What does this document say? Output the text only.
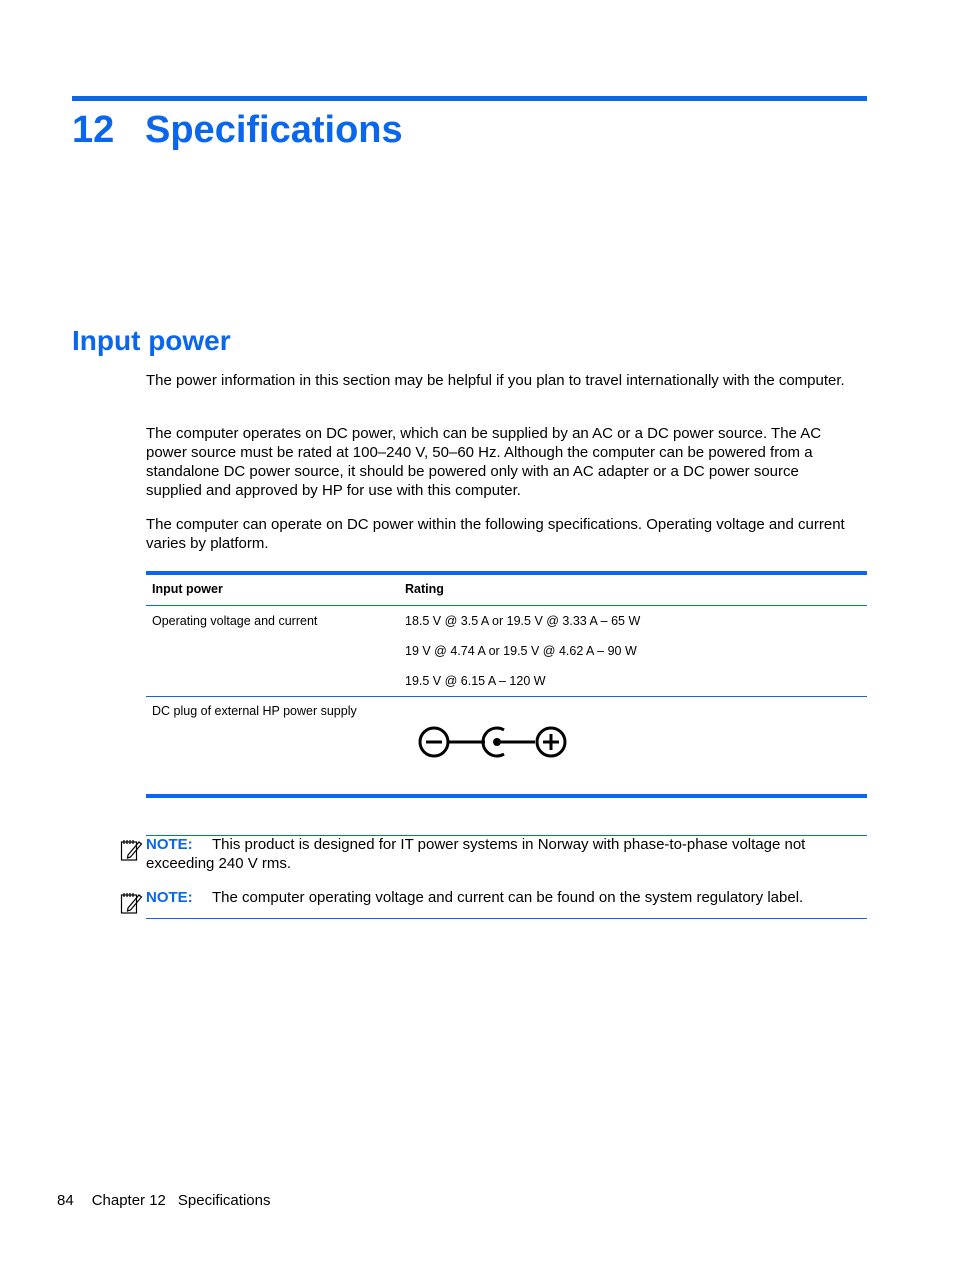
12 Specifications
Input power

The power information in this section may be helpful if you plan to travel internationally with the computer.

The computer operates on DC power, which can be supplied by an AC or a DC power source. The AC power source must be rated at 100–240 V, 50–60 Hz. Although the computer can be powered from a standalone DC power source, it should be powered only with an AC adapter or a DC power source supplied and approved by HP for use with this computer.

The computer can operate on DC power within the following specifications. Operating voltage and current varies by platform.

Input power	Rating
Operating voltage and current	18.5 V @ 3.5 A or 19.5 V @ 3.33 A – 65 W
19 V @ 4.74 A or 19.5 V @ 4.62 A – 90 W
19.5 V @ 6.15 A – 120 W
DC plug of external HP power supply
NOTE: This product is designed for IT power systems in Norway with phase-to-phase voltage not exceeding 240 V rms.
NOTE: The computer operating voltage and current can be found on the system regulatory label.
84 Chapter 12 Specifications
